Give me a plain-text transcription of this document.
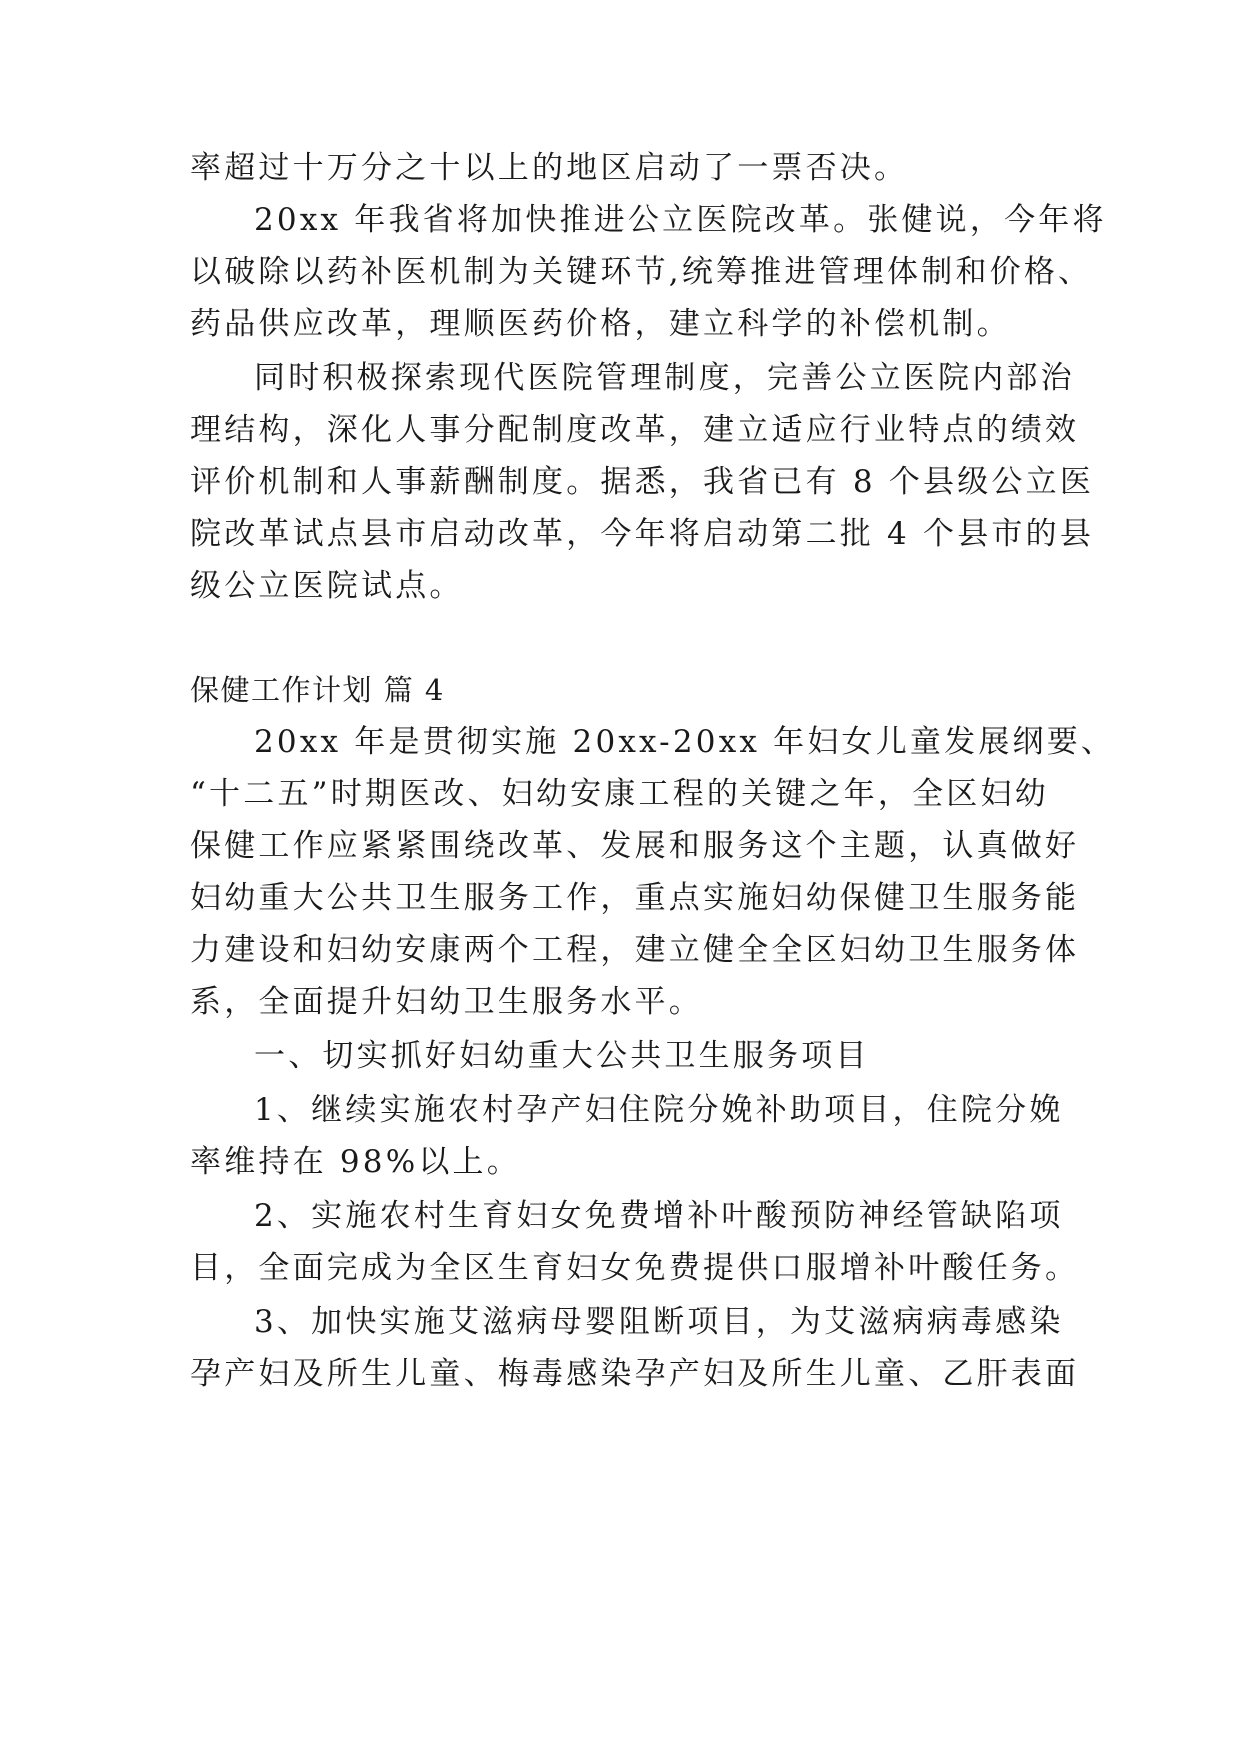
率超过十万分之十以上的地区启动了一票否决。
20xx 年我省将加快推进公立医院改革。张健说，今年将
以破除以药补医机制为关键环节,统筹推进管理体制和价格、
药品供应改革，理顺医药价格，建立科学的补偿机制。
同时积极探索现代医院管理制度，完善公立医院内部治
理结构，深化人事分配制度改革，建立适应行业特点的绩效
评价机制和人事薪酬制度。据悉，我省已有 8 个县级公立医
院改革试点县市启动改革，今年将启动第二批 4 个县市的县
级公立医院试点。
保健工作计划 篇 4
20xx 年是贯彻实施 20xx-20xx 年妇女儿童发展纲要、
“十二五”时期医改、妇幼安康工程的关键之年，全区妇幼
保健工作应紧紧围绕改革、发展和服务这个主题，认真做好
妇幼重大公共卫生服务工作，重点实施妇幼保健卫生服务能
力建设和妇幼安康两个工程，建立健全全区妇幼卫生服务体
系，全面提升妇幼卫生服务水平。
一、切实抓好妇幼重大公共卫生服务项目
1、继续实施农村孕产妇住院分娩补助项目，住院分娩
率维持在 98%以上。
2、实施农村生育妇女免费增补叶酸预防神经管缺陷项
目，全面完成为全区生育妇女免费提供口服增补叶酸任务。
3、加快实施艾滋病母婴阻断项目，为艾滋病病毒感染
孕产妇及所生儿童、梅毒感染孕产妇及所生儿童、乙肝表面
